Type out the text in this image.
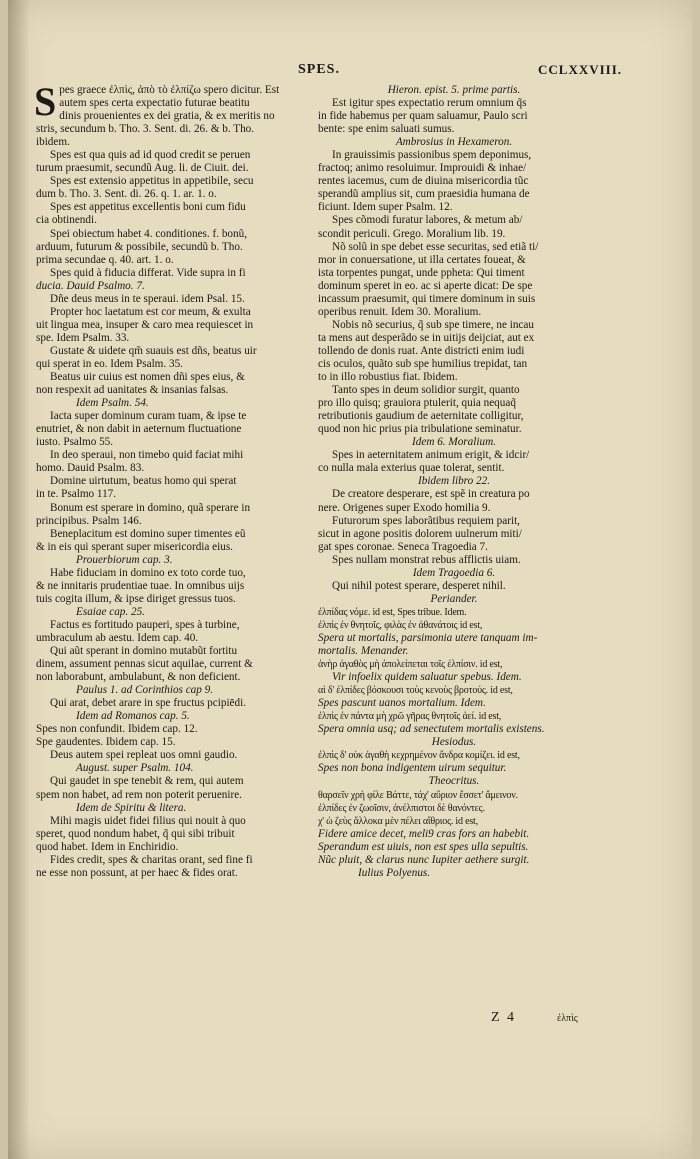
SPES.	CCLXXVIII.
S pes graece ἐλπὶς, ἀπὸ τὸ ἐλπίζω spero dicitur. Est
autem spes certa expectatio futurae beatitu
dinis prouenientes ex dei gratia, & ex meritis no
stris, secundum b. Tho. 3. Sent. di. 26. & b. Tho.
ibidem.
Spes est qua quis ad id quod credit se peruen
turum praesumit, secundũ Aug. li. de Ciuit. dei.
Spes est extensio appetitus in appetibile, secu
dum b. Tho. 3. Sent. di. 26. q. 1. ar. 1. o.
Spes est appetitus excellentis boni cum fidu
cia obtinendi.
Spei obiectum habet 4. conditiones. f. bonũ,
arduum, futurum & possibile, secundũ b. Tho.
prima secundae q. 40. art. 1. o.
Spes quid à fiducia differat. Vide supra in fi
ducia. Dauid Psalmo. 7.
Dñe deus meus in te speraui. idem Psal. 15.
Propter hoc laetatum est cor meum, & exulta
uit lingua mea, insuper & caro mea requiescet in
spe. Idem Psalm. 33.
Gustate & uidete qm̃ suauis est dñs, beatus uir
qui sperat in eo. Idem Psalm. 35.
Beatus uir cuius est nomen dñi spes eius, &
non respexit ad uanitates & insanias falsas.
Idem Psalm. 54.
Iacta super dominum curam tuam, & ipse te
enutriet, & non dabit in aeternum fluctuatione
iusto. Psalmo 55.
In deo speraui, non timebo quid faciat mihi
homo. Dauid Psalm. 83.
Domine uirtutum, beatus homo qui sperat
in te. Psalmo 117.
Bonum est sperare in domino, quã sperare in
principibus. Psalm 146.
Beneplacitum est domino super timentes eũ
& in eis qui sperant super misericordia eius.
Prouerbiorum cap. 3.
Habe fiduciam in domino ex toto corde tuo,
& ne innitaris prudentiae tuae. In omnibus uijs
tuis cogita illum, & ipse diriget gressus tuos.
Esaiae cap. 25.
Factus es fortitudo pauperi, spes à turbine,
umbraculum ab aestu. Idem cap. 40.
Qui aũt sperant in domino mutabũt fortitu
dinem, assument pennas sicut aquilae, current &
non laborabunt, ambulabunt, & non deficient.
Paulus 1. ad Corinthios cap 9.
Qui arat, debet arare in spe fructus pcipiēdi.
Idem ad Romanos cap. 5.
Spes non confundit. Ibidem cap. 12.
Spe gaudentes. Ibidem cap. 15.
Deus autem spei repleat uos omni gaudio.
August. super Psalm. 104.
Qui gaudet in spe tenebit & rem, qui autem
spem non habet, ad rem non poterit peruenire.
Idem de Spiritu & litera.
Mihi magis uidet fidei filius qui nouit à quo
speret, quod nondum habet, q̃ qui sibi tribuit
quod habet. Idem in Enchiridio.
Fides credit, spes & charitas orant, sed fine fi
ne esse non possunt, at per haec & fides orat.
Hieron. epist. 5. prime partis.
Est igitur spes expectatio rerum omnium q̃s
in fide habemus per quam saluamur, Paulo scri
bente: spe enim saluati sumus.
Ambrosius in Hexameron.
In grauissimis passionibus spem deponimus,
fractoq; animo resoluimur. Improuidi & inhae/
rentes iacemus, cum de diuina misericordia tũc
sperandũ amplius sit, cum praesidia humana de
ficiunt. Idem super Psalm. 12.
Spes cõmodi furatur labores, & metum ab/
scondit periculi. Grego. Moralium lib. 19.
Nõ solũ in spe debet esse securitas, sed etiã ti/
mor in conuersatione, ut illa certates foueat, &
ista torpentes pungat, unde ppheta: Qui timent
dominum speret in eo. ac si aperte dicat: De spe
incassum praesumit, qui timere dominum in suis
operibus renuit. Idem 30. Moralium.
Nobis nõ securius, q̃ sub spe timere, ne incau
ta mens aut desperãdo se in uitijs deijciat, aut ex
tollendo de donis ruat. Ante districti enim iudi
cis oculos, quãto sub spe humilius trepidat, tan
to in illo robustius fiat. Ibidem.
Tanto spes in deum solidior surgit, quanto
pro illo quisq; grauiora ptulerit, quia nequaq̃
retributionis gaudium de aeternitate colligitur,
quod non hic prius pia tribulatione seminatur.
Idem 6. Moralium.
Spes in aeternitatem animum erigit, & idcir/
co nulla mala exterius quae tolerat, sentit.
Ibidem libro 22.
De creatore desperare, est spẽ in creatura po
nere. Origenes super Exodo homilia 9.
Futurorum spes laborãtibus requiem parit,
sicut in agone positis dolorem uulnerum miti/
gat spes coronae. Seneca Tragoedia 7.
Spes nullam monstrat rebus afflictis uiam.
Idem Tragoedia 6.
Qui nihil potest sperare, desperet nihil.
Periander.
ἐλπίδας νόμε. id est, Spes tribue. Idem.
ἐλπὶς ἐν θνητοῖς, φιλὰς ἐν ἀθανάτοις id est,
Spera ut mortalis, parsimonia utere tanquam im-
mortalis. Menander.
ἀνὴρ ἀγαθὸς μὴ ἀπολείπεται τοῖς ἐλπίσιν. id est,
Vir infoelix quidem saluatur spebus. Idem.
αἱ δ' ἐλπίδες βόσκουσι τοὺς κενοὺς βροτούς. id est,
Spes pascunt uanos mortalium. Idem.
ἐλπὶς ἐν πάντα μὴ χρῶ γῆρας θνητοῖς ἀεί. id est,
Spera omnia usq; ad senectutem mortalis existens.
Hesiodus.
ἐλπὶς δ' οὐκ ἀγαθὴ κεχρημένον ἄνδρα κομίζει. id est,
Spes non bona indigentem uirum sequitur.
Theocritus.
θαρσεῖν χρὴ φίλε Βάττε, τάχ' αὔριον ἔσσετ' ἄμεινον.
ἐλπίδες ἐν ζωοῖσιν, ἀνέλπιστοι δὲ θανόντες.
χ' ὡ ζεὺς ἄλλοκα μὲν πέλει αἴθριος. id est,
Fidere amice decet, meli9 cras fors an habebit.
Sperandum est uiuis, non est spes ulla sepultis.
Nũc pluit, & clarus nunc Iupiter aethere surgit.
Iulius Polyenus.
Z 4	ἐλπὶς
